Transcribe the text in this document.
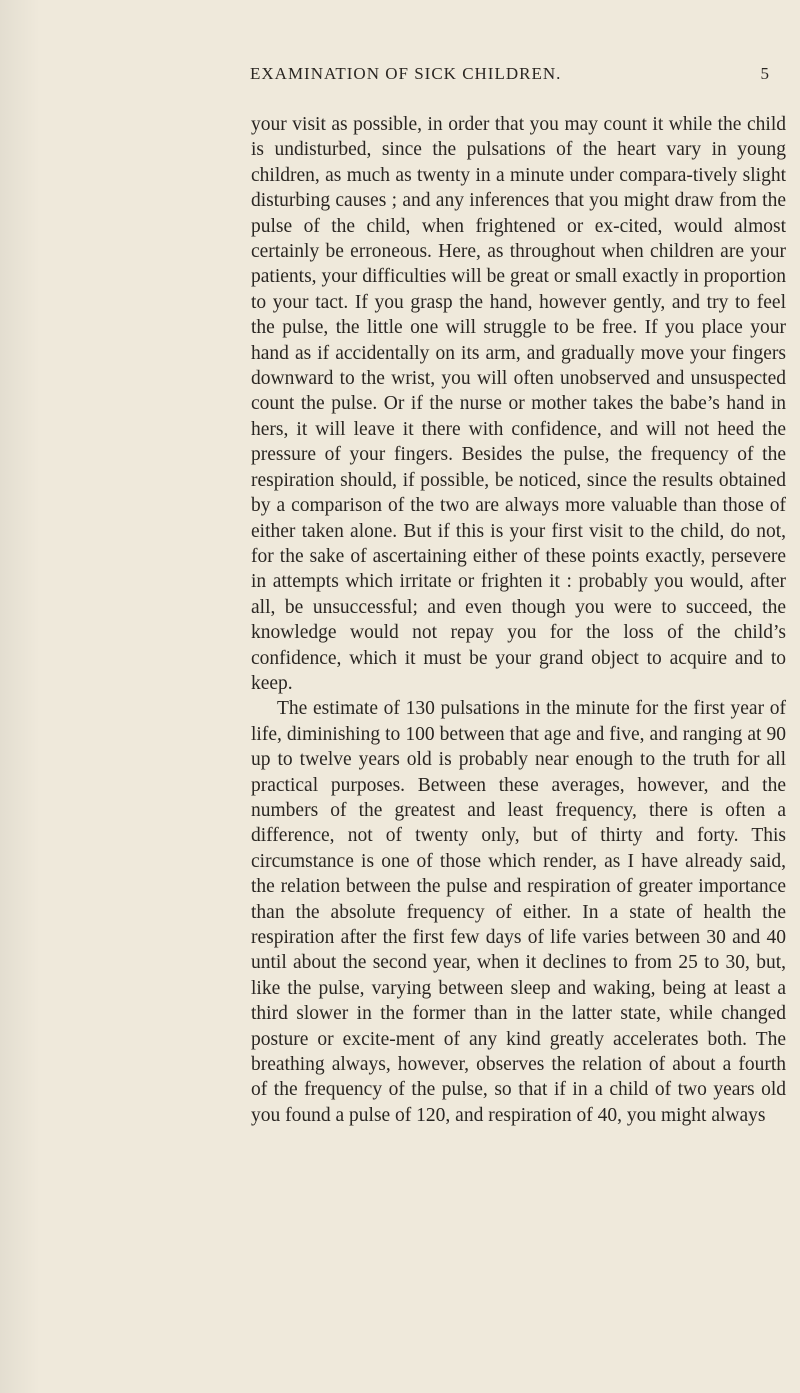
EXAMINATION OF SICK CHILDREN.	5

your visit as possible, in order that you may count it while the child is undisturbed, since the pulsations of the heart vary in young children, as much as twenty in a minute under compara-tively slight disturbing causes ; and any inferences that you might draw from the pulse of the child, when frightened or ex-cited, would almost certainly be erroneous. Here, as throughout when children are your patients, your difficulties will be great or small exactly in proportion to your tact. If you grasp the hand, however gently, and try to feel the pulse, the little one will struggle to be free. If you place your hand as if accidentally on its arm, and gradually move your fingers downward to the wrist, you will often unobserved and unsuspected count the pulse. Or if the nurse or mother takes the babe’s hand in hers, it will leave it there with confidence, and will not heed the pressure of your fingers. Besides the pulse, the frequency of the respiration should, if possible, be noticed, since the results obtained by a comparison of the two are always more valuable than those of either taken alone. But if this is your first visit to the child, do not, for the sake of ascertaining either of these points exactly, persevere in attempts which irritate or frighten it : probably you would, after all, be unsuccessful; and even though you were to succeed, the knowledge would not repay you for the loss of the child’s confidence, which it must be your grand object to acquire and to keep.

The estimate of 130 pulsations in the minute for the first year of life, diminishing to 100 between that age and five, and ranging at 90 up to twelve years old is probably near enough to the truth for all practical purposes. Between these averages, however, and the numbers of the greatest and least frequency, there is often a difference, not of twenty only, but of thirty and forty. This circumstance is one of those which render, as I have already said, the relation between the pulse and respiration of greater importance than the absolute frequency of either. In a state of health the respiration after the first few days of life varies between 30 and 40 until about the second year, when it declines to from 25 to 30, but, like the pulse, varying between sleep and waking, being at least a third slower in the former than in the latter state, while changed posture or excite-ment of any kind greatly accelerates both. The breathing always, however, observes the relation of about a fourth of the frequency of the pulse, so that if in a child of two years old you found a pulse of 120, and respiration of 40, you might always
